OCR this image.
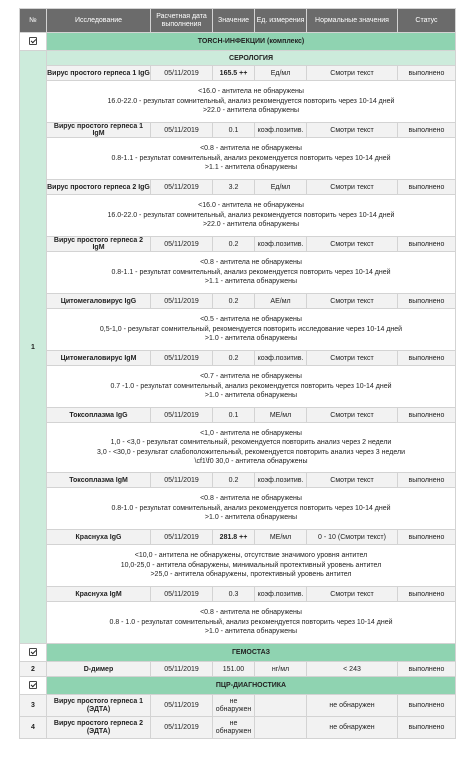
№	Исследование	Расчетная дата выполнения	Значение	Ед. измерения	Нормальные значения	Статус
	TORCH-ИНФЕКЦИИ (комплекс)					
1	СЕРОЛОГИЯ					
	Вирус простого герпеса 1 IgG	05/11/2019	165.5 ++	Ед/мл	Смотри текст	выполнено

	<16.0 - антитела не обнаружены
16.0-22.0 - результат сомнительный, анализ рекомендуется повторить через 10-14 дней
>22.0 - антитела обнаружены					

	Вирус простого герпеса 1 IgM	05/11/2019	0.1	коэф.позитив.	Смотри текст	выполнено

	<0.8 - антитела не обнаружены
0.8-1.1 - результат сомнительный, анализ рекомендуется повторить через 10-14 дней
>1.1 - антитела обнаружены					

	Вирус простого герпеса 2 IgG	05/11/2019	3.2	Ед/мл	Смотри текст	выполнено

	<16.0 - антитела не обнаружены
16.0-22.0 - результат сомнительный, анализ рекомендуется повторить через 10-14 дней
>22.0 - антитела обнаружены					

	Вирус простого герпеса 2 IgM	05/11/2019	0.2	коэф.позитив.	Смотри текст	выполнено

	<0.8 - антитела не обнаружены
0.8-1.1 - результат сомнительный, анализ рекомендуется повторить через 10-14 дней
>1.1 - антитела обнаружены					

	Цитомегаловирус IgG	05/11/2019	0.2	АЕ/мл	Смотри текст	выполнено

	<0.5 - антитела не обнаружены
0,5-1,0 - результат сомнительный, рекомендуется повторить исследование через 10-14 дней
>1.0 - антитела обнаружены					

	Цитомегаловирус IgM	05/11/2019	0.2	коэф.позитив.	Смотри текст	выполнено

	<0.7 - антитела не обнаружены
0.7 -1.0 - результат сомнительный, анализ рекомендуется повторить через 10-14 дней
>1.0 - антитела обнаружены					

	Токсоплазма IgG	05/11/2019	0.1	МЕ/мл	Смотри текст	выполнено

	<1,0 - антитела не обнаружены
1,0 - <3,0 - результат сомнительный, рекомендуется повторить анализ через 2 недели
3,0 - <30,0 - результат слабоположительный, рекомендуется повторить анализ через 3 недели
\cf1\f0 30,0 - антитела обнаружены					

	Токсоплазма IgM	05/11/2019	0.2	коэф.позитив.	Смотри текст	выполнено

	<0.8 - антитела не обнаружены
0.8-1.0 - результат сомнительный, анализ рекомендуется повторить через 10-14 дней
>1.0 - антитела обнаружены					

	Краснуха IgG	05/11/2019	281.8 ++	МЕ/мл	0 - 10 (Смотри текст)	выполнено

	<10,0 - антитела не обнаружены, отсутствие значимого уровня антител
10,0-25,0 - антитела обнаружены, минимальный протективный уровень антител
>25,0 - антитела обнаружены, протективный уровень антител					

	Краснуха IgM	05/11/2019	0.3	коэф.позитив.	Смотри текст	выполнено

	<0.8 - антитела не обнаружены
0.8 - 1.0 - результат сомнительный, анализ рекомендуется повторить через 10-14 дней
>1.0 - антитела обнаружены					

	ГЕМОСТАЗ					
2	D-димер	05/11/2019	151.00	нг/мл	< 243	выполнено
	ПЦР-ДИАГНОСТИКА					
3	Вирус простого герпеса 1 (ЭДТА)	05/11/2019	не обнаружен		не обнаружен	выполнено
4	Вирус простого герпеса 2 (ЭДТА)	05/11/2019	не обнаружен		не обнаружен	выполнено
